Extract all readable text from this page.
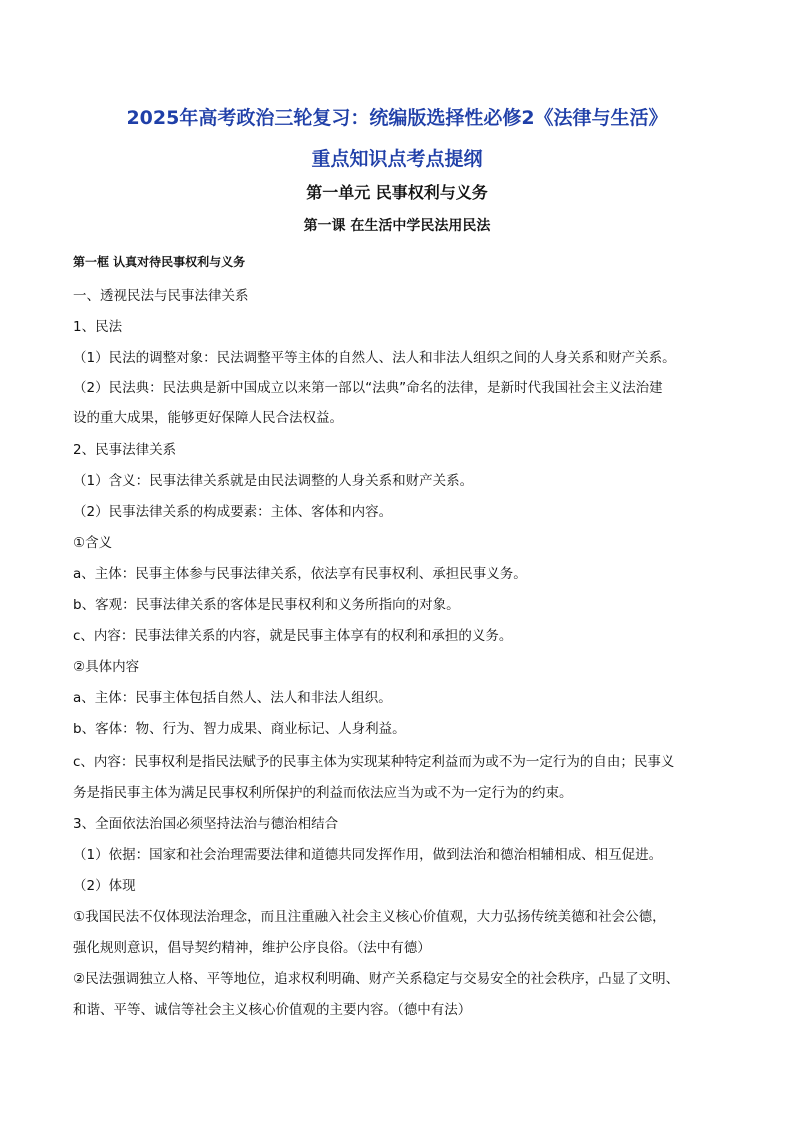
2025年高考政治三轮复习：统编版选择性必修2《法律与生活》
重点知识点考点提纲
第一单元 民事权利与义务
第一课 在生活中学民法用民法
第一框 认真对待民事权利与义务
一、透视民法与民事法律关系
1、民法
（1）民法的调整对象：民法调整平等主体的自然人、法人和非法人组织之间的人身关系和财产关系。
（2）民法典：民法典是新中国成立以来第一部以“法典”命名的法律，是新时代我国社会主义法治建
设的重大成果，能够更好保障人民合法权益。
2、民事法律关系
（1）含义：民事法律关系就是由民法调整的人身关系和财产关系。
（2）民事法律关系的构成要素：主体、客体和内容。
①含义
a、主体：民事主体参与民事法律关系，依法享有民事权利、承担民事义务。
b、客观：民事法律关系的客体是民事权利和义务所指向的对象。
c、内容：民事法律关系的内容，就是民事主体享有的权利和承担的义务。
②具体内容
a、主体：民事主体包括自然人、法人和非法人组织。
b、客体：物、行为、智力成果、商业标记、人身利益。
c、内容：民事权利是指民法赋予的民事主体为实现某种特定利益而为或不为一定行为的自由；民事义
务是指民事主体为满足民事权利所保护的利益而依法应当为或不为一定行为的约束。
3、全面依法治国必须坚持法治与德治相结合
（1）依据：国家和社会治理需要法律和道德共同发挥作用，做到法治和德治相辅相成、相互促进。
（2）体现
①我国民法不仅体现法治理念，而且注重融入社会主义核心价值观，大力弘扬传统美德和社会公德，
强化规则意识，倡导契约精神，维护公序良俗。（法中有德）
②民法强调独立人格、平等地位，追求权利明确、财产关系稳定与交易安全的社会秩序，凸显了文明、
和谐、平等、诚信等社会主义核心价值观的主要内容。（德中有法）
